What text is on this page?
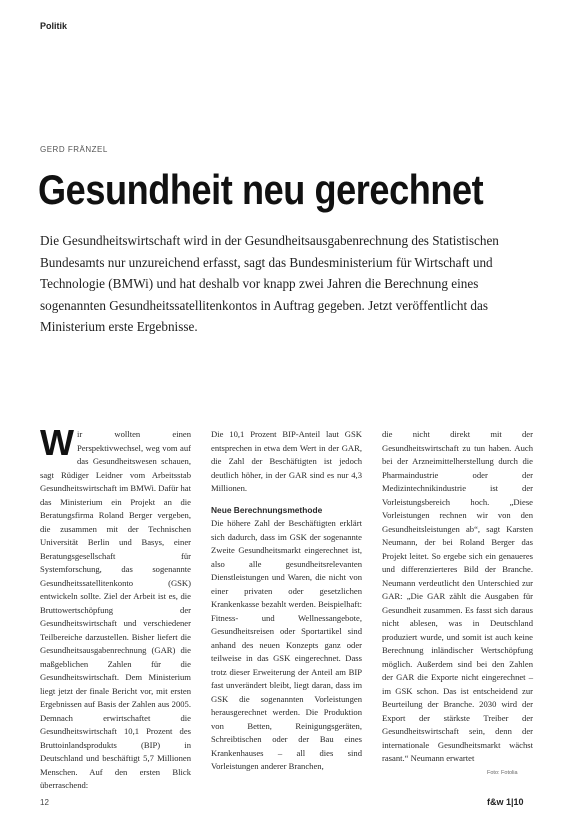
Politik
GERD FRÄNZEL
Gesundheit neu gerechnet
Die Gesundheitswirtschaft wird in der Gesundheitsausgabenrechnung des Statistischen Bundesamts nur unzureichend erfasst, sagt das Bundesministerium für Wirtschaft und Technologie (BMWi) und hat deshalb vor knapp zwei Jahren die Berechnung eines sogenannten Gesundheitssatellitenkontos in Auftrag gegeben. Jetzt veröffentlicht das Ministerium erste Ergebnisse.
Wir wollten einen Perspektivwechsel, weg vom auf das Gesundheitswesen schauen, sagt Rüdiger Leidner vom Arbeitsstab Gesundheitswirtschaft im BMWi. Dafür hat das Ministerium ein Projekt an die Beratungsfirma Roland Berger vergeben, die zusammen mit der Technischen Universität Berlin und Basys, einer Beratungsgesellschaft für Systemforschung, das sogenannte Gesundheitssatellitenkonto (GSK) entwickeln sollte. Ziel der Arbeit ist es, die Bruttowertschöpfung der Gesundheitswirtschaft und verschiedener Teilbereiche darzustellen. Bisher liefert die Gesundheitsausgabenrechnung (GAR) die maßgeblichen Zahlen für die Gesundheitswirtschaft. Dem Ministerium liegt jetzt der finale Bericht vor, mit ersten Ergebnissen auf Basis der Zahlen aus 2005. Demnach erwirtschaftet die Gesundheitswirtschaft 10,1 Prozent des Bruttoinlandsprodukts (BIP) in Deutschland und beschäftigt 5,7 Millionen Menschen. Auf den ersten Blick überraschend:
Die 10,1 Prozent BIP-Anteil laut GSK entsprechen in etwa dem Wert in der GAR, die Zahl der Beschäftigten ist jedoch deutlich höher, in der GAR sind es nur 4,3 Millionen.
Neue Berechnungsmethode
Die höhere Zahl der Beschäftigten erklärt sich dadurch, dass im GSK der sogenannte Zweite Gesundheitsmarkt eingerechnet ist, also alle gesundheitsrelevanten Dienstleistungen und Waren, die nicht von einer privaten oder gesetzlichen Krankenkasse bezahlt werden. Beispielhaft: Fitness- und Wellnessangebote, Gesundheitsreisen oder Sportartikel sind anhand des neuen Konzepts ganz oder teilweise in das GSK eingerechnet. Dass trotz dieser Erweiterung der Anteil am BIP fast unverändert bleibt, liegt daran, dass im GSK die sogenannten Vorleistungen herausgerechnet werden. Die Produktion von Betten, Reinigungsgeräten, Schreibtischen oder der Bau eines Krankenhauses – all dies sind Vorleistungen anderer Branchen,
die nicht direkt mit der Gesundheitswirtschaft zu tun haben. Auch bei der Arzneimittelherstellung durch die Pharmaindustrie oder der Medizintechnikindustrie ist der Vorleistungsbereich hoch. „Diese Vorleistungen rechnen wir von den Gesundheitsleistungen ab“, sagt Karsten Neumann, der bei Roland Berger das Projekt leitet. So ergebe sich ein genaueres und differenzierteres Bild der Branche. Neumann verdeutlicht den Unterschied zur GAR: „Die GAR zählt die Ausgaben für Gesundheit zusammen. Es fasst sich daraus nicht ablesen, was in Deutschland produziert wurde, und somit ist auch keine Berechnung inländischer Wertschöpfung möglich. Außerdem sind bei den Zahlen der GAR die Exporte nicht eingerechnet – im GSK schon. Das ist entscheidend zur Beurteilung der Branche. 2030 wird der Export der stärkste Treiber der Gesundheitswirtschaft sein, denn der internationale Gesundheitsmarkt wächst rasant.“ Neumann erwartet
Foto: Fotolia
12	f&w 1|10
